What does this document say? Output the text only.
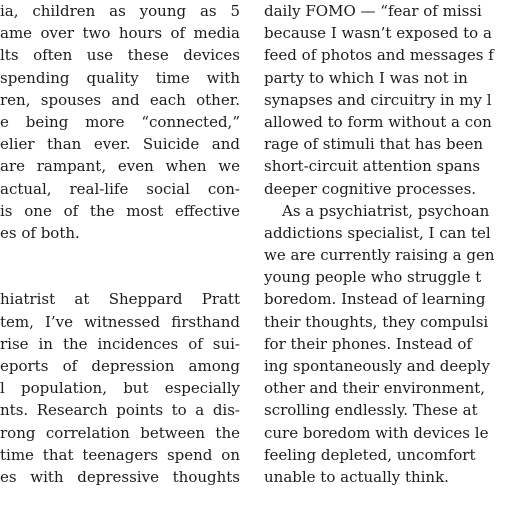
ia, children as young as 5
ame over two hours of media
lts often use these devices
spending quality time with
ren, spouses and each other.
e being more “connected,”
elier than ever. Suicide and
are rampant, even when we
actual, real-life social con-
is one of the most effective
es of both.
hiatrist at Sheppard Pratt
tem, I’ve witnessed firsthand
rise in the incidences of sui-
eports of depression among
l population, but especially
nts. Research points to a dis-
rong correlation between the
time that teenagers spend on
es with depressive thoughts
daily FOMO — “fear of missi
because I wasn’t exposed to a
feed of photos and messages f
party to which I was not in
synapses and circuitry in my l
allowed to form without a con
rage of stimuli that has been
short-circuit attention spans
deeper cognitive processes.
As a psychiatrist, psychoan
addictions specialist, I can tel
we are currently raising a gen
young people who struggle t
boredom. Instead of learning
their thoughts, they compulsi
for their phones. Instead of
ing spontaneously and deeply
other and their environment,
scrolling endlessly. These at
cure boredom with devices le
feeling depleted, uncomfort
unable to actually think.
